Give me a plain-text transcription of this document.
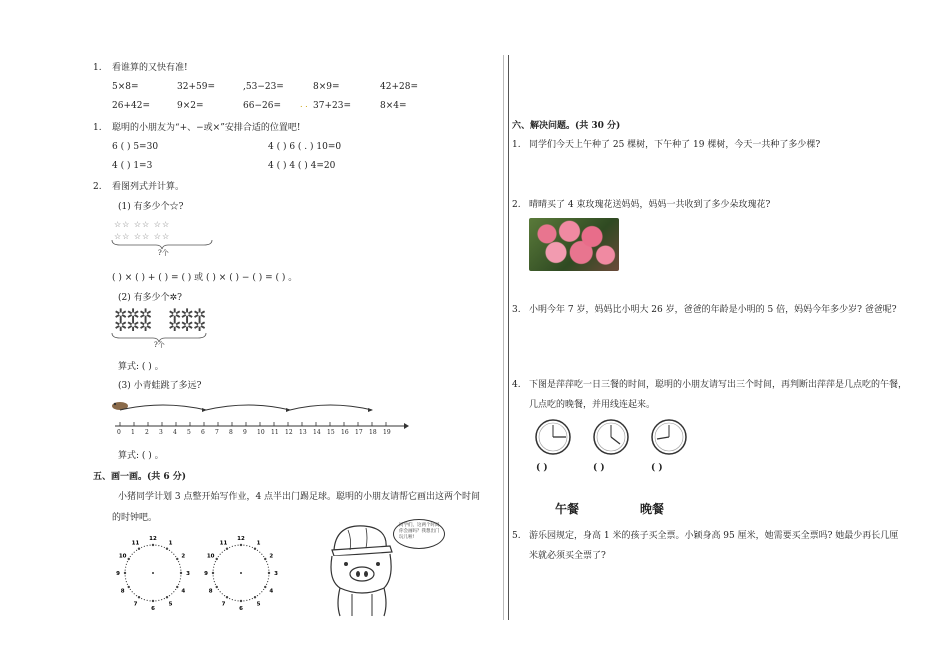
1. 看谁算的又快有准!
5×8=	32+59=	,53−23=	8×9=	42+28=
26+42=	9×2=	66−26= . . 37+23=	8×4=
1. 聪明的小朋友为“+、−或×”安排合适的位置吧!
6 ( ) 5=30	4 ( ) 6 ( . ) 10=0
4 ( ) 1=3	4 ( ) 4 ( ) 4=20
2. 看图列式并计算。
(1) 有多少个☆?
☆☆ ☆☆ ☆☆
☆☆ ☆☆ ☆☆
?个
( ) × ( ) + ( ) = ( ) 或 ( ) × ( ) − ( ) = ( ) 。
(2) 有多少个✲?
✲✲✲
✲✲✲
✲✲✲
✲✲✲
?个
算式: ( ) 。
(3) 小青蛙跳了多远?
0 1 2 3 4 5 6 7 8 9 10 11 12 13 14 15 16 17 18 19
算式: ( ) 。
五、画一画。(共 6 分)
小猪同学计划 3 点整开始写作业，4 点半出门踢足球。聪明的小朋友请帮它画出这两个时间
的时钟吧。
12
1
2
3
4
5
6
7
8
9
10
11
12
1
2
3
4
5
6
7
8
9
10
11
同学们，这两个时间你会画吗？我想出门玩儿啦!
六、解决问题。(共 30 分)
1. 同学们今天上午种了 25 棵树，下午种了 19 棵树，今天一共种了多少棵?
2. 晴晴买了 4 束玫瑰花送妈妈，妈妈一共收到了多少朵玫瑰花?
3. 小明今年 7 岁，妈妈比小明大 26 岁，爸爸的年龄是小明的 5 倍，妈妈今年多少岁? 爸爸呢?
4. 下图是萍萍吃一日三餐的时间，聪明的小朋友请写出三个时间，再判断出萍萍是几点吃的午餐，
几点吃的晚餐，并用线连起来。
( )	( )	( )
午餐	晚餐
5. 游乐园规定，身高 1 米的孩子买全票。小颖身高 95 厘米，她需要买全票吗? 她最少再长几厘
米就必须买全票了?
